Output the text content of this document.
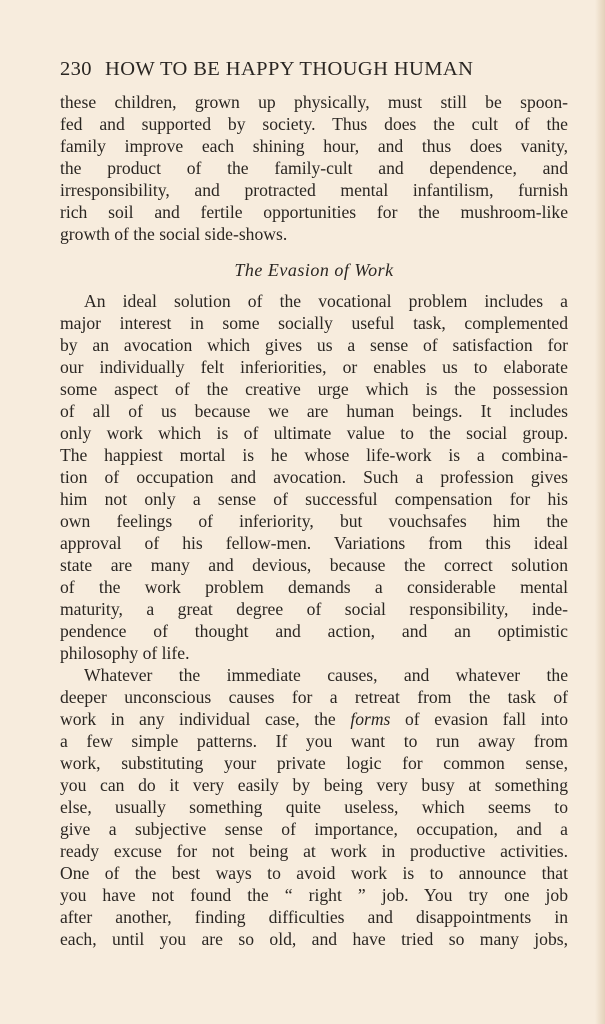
230 HOW TO BE HAPPY THOUGH HUMAN
these children, grown up physically, must still be spoon-
fed and supported by society. Thus does the cult of the
family improve each shining hour, and thus does vanity,
the product of the family-cult and dependence, and
irresponsibility, and protracted mental infantilism, furnish
rich soil and fertile opportunities for the mushroom-like
growth of the social side-shows.
The Evasion of Work
An ideal solution of the vocational problem includes a
major interest in some socially useful task, complemented
by an avocation which gives us a sense of satisfaction for
our individually felt inferiorities, or enables us to elaborate
some aspect of the creative urge which is the possession
of all of us because we are human beings. It includes
only work which is of ultimate value to the social group.
The happiest mortal is he whose life-work is a combina-
tion of occupation and avocation. Such a profession gives
him not only a sense of successful compensation for his
own feelings of inferiority, but vouchsafes him the
approval of his fellow-men. Variations from this ideal
state are many and devious, because the correct solution
of the work problem demands a considerable mental
maturity, a great degree of social responsibility, inde-
pendence of thought and action, and an optimistic
philosophy of life.
Whatever the immediate causes, and whatever the
deeper unconscious causes for a retreat from the task of
work in any individual case, the forms of evasion fall into
a few simple patterns. If you want to run away from
work, substituting your private logic for common sense,
you can do it very easily by being very busy at something
else, usually something quite useless, which seems to
give a subjective sense of importance, occupation, and a
ready excuse for not being at work in productive activities.
One of the best ways to avoid work is to announce that
you have not found the “ right ” job. You try one job
after another, finding difficulties and disappointments in
each, until you are so old, and have tried so many jobs,
